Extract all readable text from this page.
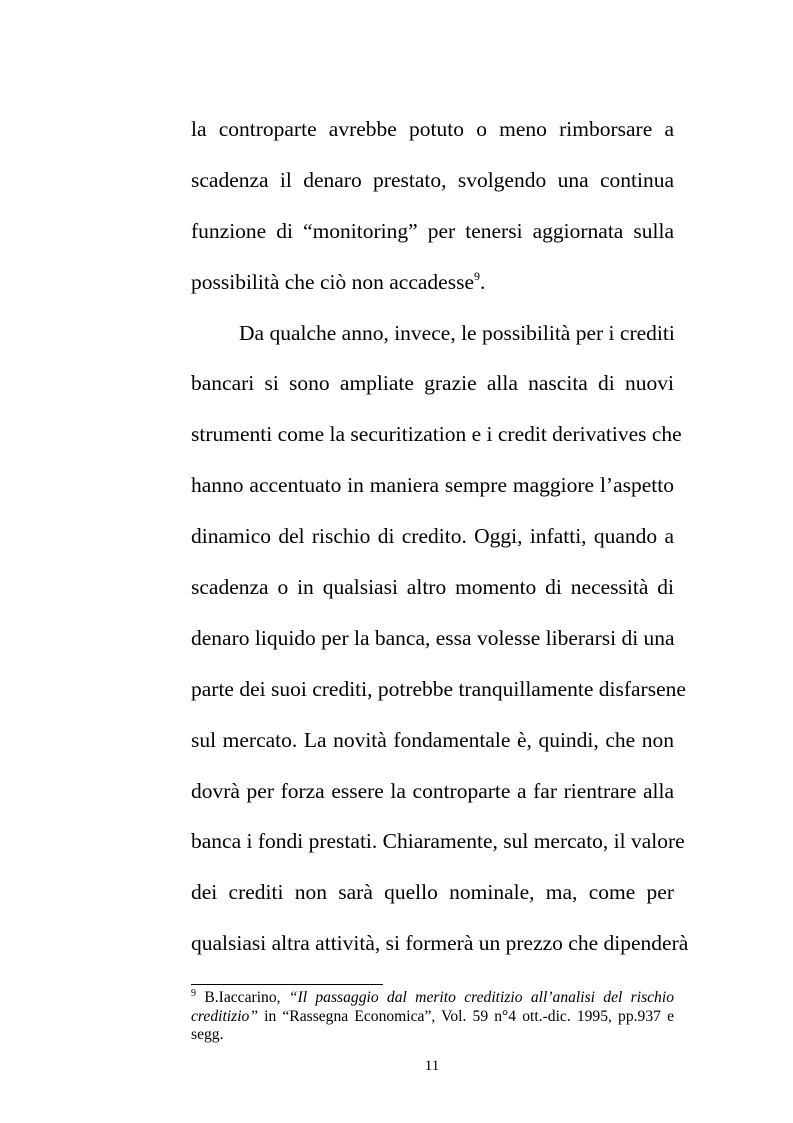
la controparte avrebbe potuto o meno rimborsare a
scadenza il denaro prestato, svolgendo una continua
funzione di “monitoring” per tenersi aggiornata sulla
possibilità che ciò non accadesse$^9$.
Da qualche anno, invece, le possibilità per i crediti
bancari si sono ampliate grazie alla nascita di nuovi
strumenti come la securitization e i credit derivatives che
hanno accentuato in maniera sempre maggiore l’aspetto
dinamico del rischio di credito. Oggi, infatti, quando a
scadenza o in qualsiasi altro momento di necessità di
denaro liquido per la banca, essa volesse liberarsi di una
parte dei suoi crediti, potrebbe tranquillamente disfarsene
sul mercato. La novità fondamentale è, quindi, che non
dovrà per forza essere la controparte a far rientrare alla
banca i fondi prestati. Chiaramente, sul mercato, il valore
dei crediti non sarà quello nominale, ma, come per
qualsiasi altra attività, si formerà un prezzo che dipenderà
$^9$ B.Iaccarino, “Il passaggio dal merito creditizio all’analisi del rischio
creditizio” in “Rassegna Economica”, Vol. 59 n°4 ott.-dic. 1995, pp.937 e
segg.
11
